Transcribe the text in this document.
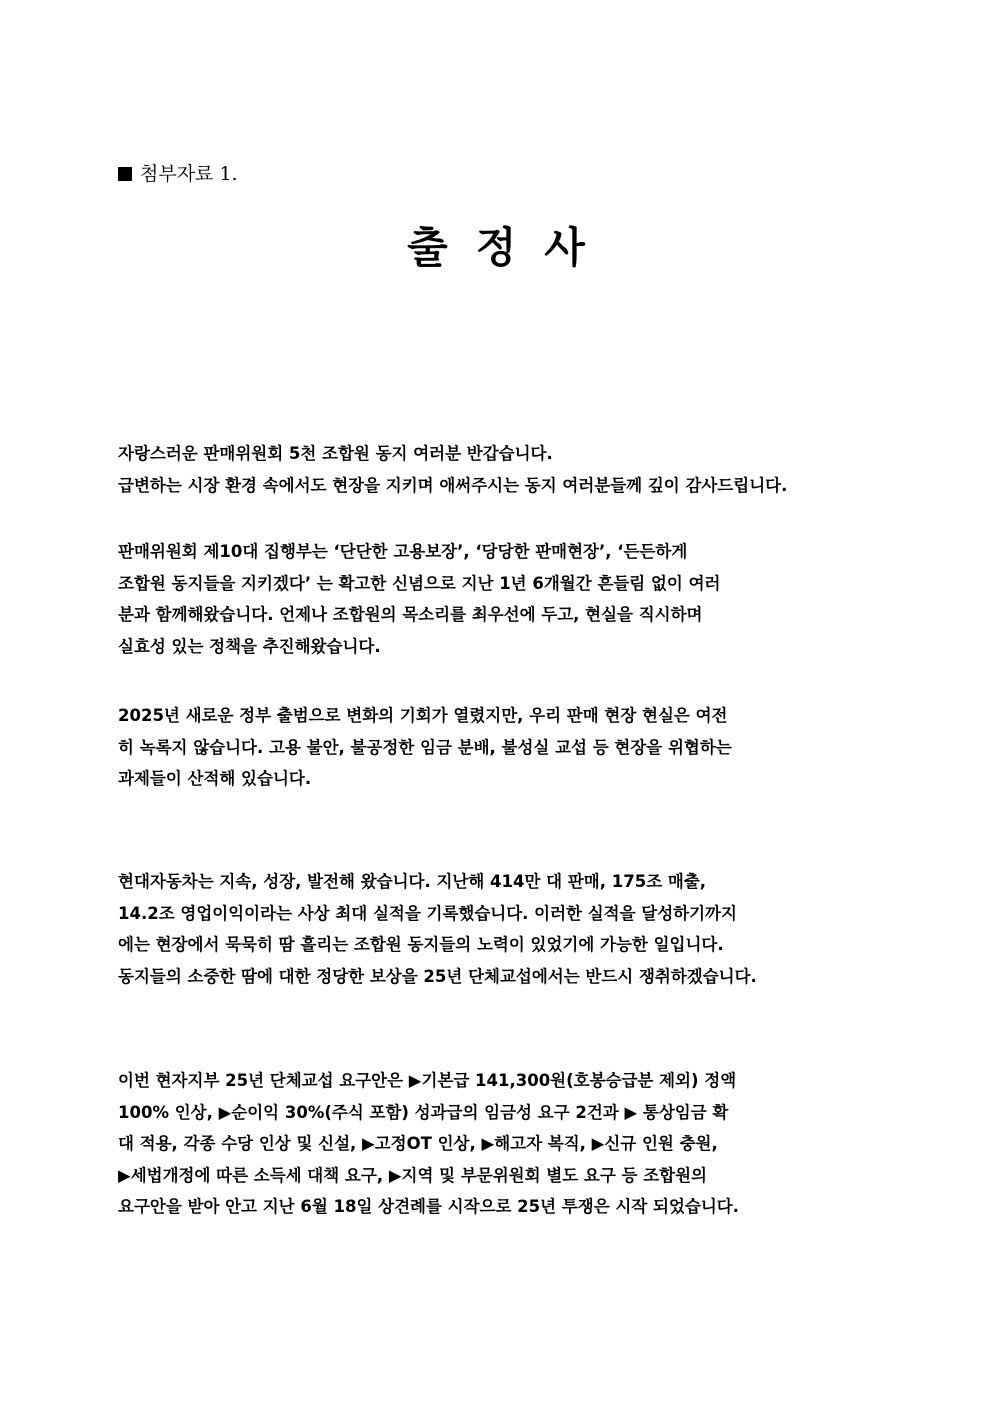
첨부자료 1.
출정사
자랑스러운 판매위원회 5천 조합원 동지 여러분 반갑습니다.
급변하는 시장 환경 속에서도 현장을 지키며 애써주시는 동지 여러분들께 깊이 감사드립니다.
판매위원회 제10대 집행부는 ‘단단한 고용보장’, ‘당당한 판매현장’, ‘든든하게
조합원 동지들을 지키겠다’ 는 확고한 신념으로 지난 1년 6개월간 흔들림 없이 여러
분과 함께해왔습니다. 언제나 조합원의 목소리를 최우선에 두고, 현실을 직시하며
실효성 있는 정책을 추진해왔습니다.
2025년 새로운 정부 출범으로 변화의 기회가 열렸지만, 우리 판매 현장 현실은 여전
히 녹록지 않습니다. 고용 불안, 불공정한 임금 분배, 불성실 교섭 등 현장을 위협하는
과제들이 산적해 있습니다.
현대자동차는 지속, 성장, 발전해 왔습니다. 지난해 414만 대 판매, 175조 매출,
14.2조 영업이익이라는 사상 최대 실적을 기록했습니다. 이러한 실적을 달성하기까지
에는 현장에서 묵묵히 땀 흘리는 조합원 동지들의 노력이 있었기에 가능한 일입니다.
동지들의 소중한 땀에 대한 정당한 보상을 25년 단체교섭에서는 반드시 쟁취하겠습니다.
이번 현자지부 25년 단체교섭 요구안은 ▶기본급 141,300원(호봉승급분 제외) 정액
100% 인상, ▶순이익 30%(주식 포함) 성과급의 임금성 요구 2건과 ▶ 통상임금 확
대 적용, 각종 수당 인상 및 신설, ▶고정OT 인상, ▶해고자 복직, ▶신규 인원 충원,
▶세법개정에 따른 소득세 대책 요구, ▶지역 및 부문위원회 별도 요구 등 조합원의
요구안을 받아 안고 지난 6월 18일 상견례를 시작으로 25년 투쟁은 시작 되었습니다.
